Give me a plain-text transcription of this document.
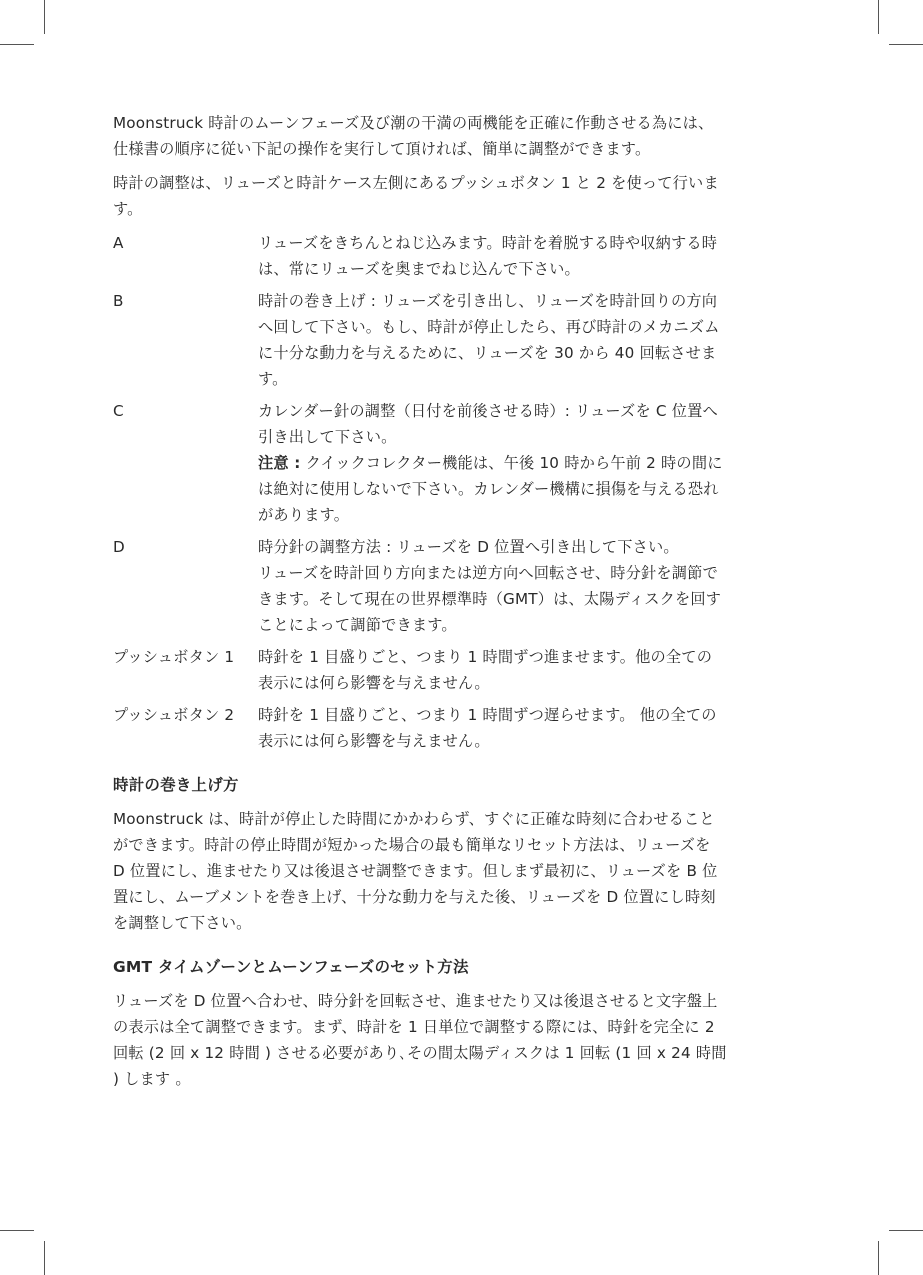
Moonstruck 時計のムーンフェーズ及び潮の干満の両機能を正確に作動させる為には、仕様書の順序に従い下記の操作を実行して頂ければ、簡単に調整ができます。

時計の調整は、リューズと時計ケース左側にあるプッシュボタン 1 と 2 を使って行います。

A	リューズをきちんとねじ込みます。時計を着脱する時や収納する時は、常にリューズを奥までねじ込んで下さい。
B	時計の巻き上げ : リューズを引き出し、リューズを時計回りの方向へ回して下さい。もし、時計が停止したら、再び時計のメカニズムに十分な動力を与えるために、リューズを 30 から 40 回転させます。
C	カレンダー針の調整（日付を前後させる時）: リューズを C 位置へ引き出して下さい。
注意 : クイックコレクター機能は、午後 10 時から午前 2 時の間には絶対に使用しないで下さい。カレンダー機構に損傷を与える恐れがあります。
D	時分針の調整方法 : リューズを D 位置へ引き出して下さい。
リューズを時計回り方向または逆方向へ回転させ、時分針を調節できます。そして現在の世界標準時（GMT）は、太陽ディスクを回すことによって調節できます。
プッシュボタン 1	時針を 1 目盛りごと、つまり 1 時間ずつ進ませます。他の全ての表示には何ら影響を与えません。
プッシュボタン 2	時針を 1 目盛りごと、つまり 1 時間ずつ遅らせます。 他の全ての表示には何ら影響を与えません。
時計の巻き上げ方

Moonstruck は、時計が停止した時間にかかわらず、すぐに正確な時刻に合わせることができます。時計の停止時間が短かった場合の最も簡単なリセット方法は、リューズを D 位置にし、進ませたり又は後退させ調整できます。但しまず最初に、リューズを B 位置にし、ムーブメントを巻き上げ、十分な動力を与えた後、リューズを D 位置にし時刻を調整して下さい。

GMT タイムゾーンとムーンフェーズのセット方法

リューズを D 位置へ合わせ、時分針を回転させ、進ませたり又は後退させると文字盤上の表示は全て調整できます。まず、時計を 1 日単位で調整する際には、時針を完全に 2 回転 (2 回 x 12 時間 ) させる必要があり､その間太陽ディスクは 1 回転 (1 回 x 24 時間 ) します 。
